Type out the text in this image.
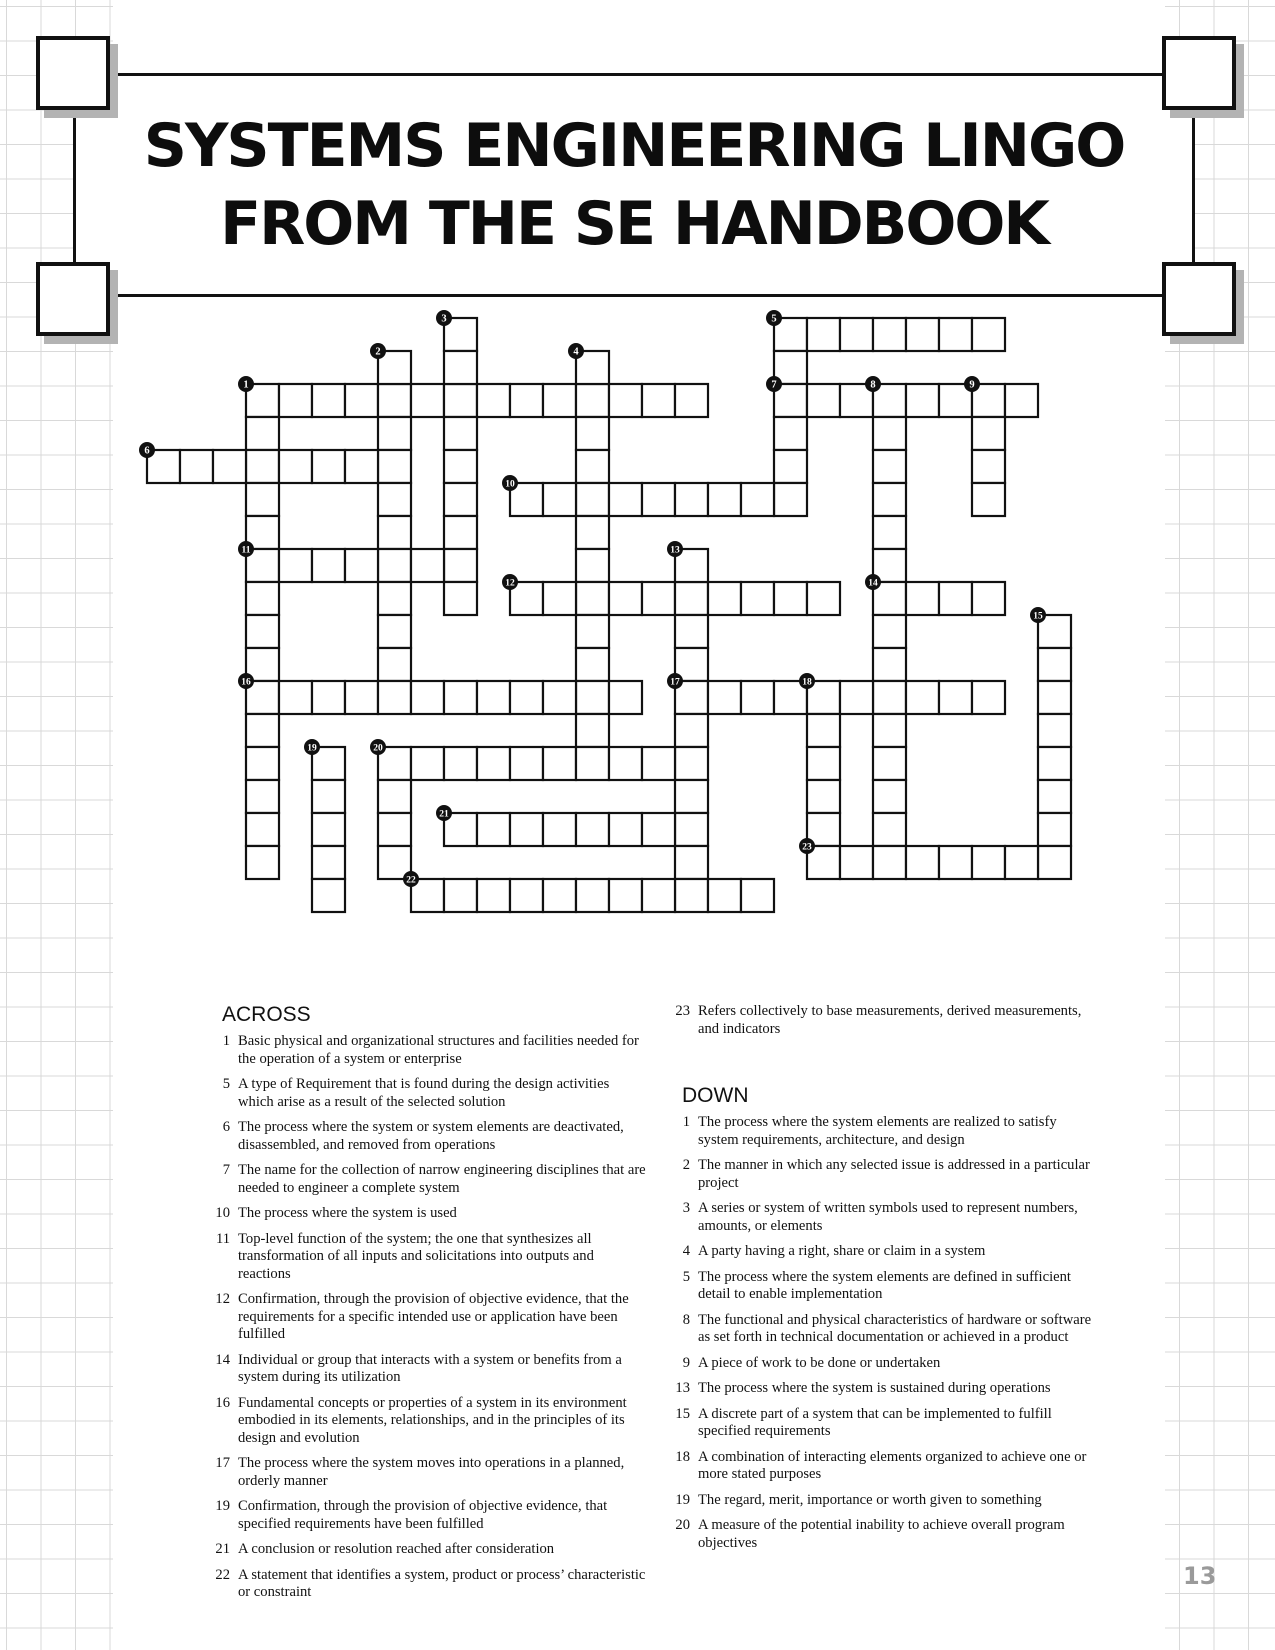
SYSTEMS ENGINEERING LINGO
FROM THE SE HANDBOOK
1
2
3
4
5
6
7	8	9
10
11
12
13
14
15
16	17	18
19	20
21
22
23
ACROSS
1 Basic physical and organizational structures and facilities needed for the operation of a system or enterprise
5 A type of Requirement that is found during the design activities which arise as a result of the selected solution
6 The process where the system or system elements are deactivated, disassembled, and removed from operations
7 The name for the collection of narrow engineering disciplines that are needed to engineer a complete system
10 The process where the system is used
11 Top-level function of the system; the one that synthesizes all transformation of all inputs and solicitations into outputs and reactions
12 Confirmation, through the provision of objective evidence, that the requirements for a specific intended use or application have been fulfilled
14 Individual or group that interacts with a system or benefits from a system during its utilization
16 Fundamental concepts or properties of a system in its environment embodied in its elements, relationships, and in the principles of its design and evolution
17 The process where the system moves into operations in a planned, orderly manner
19 Confirmation, through the provision of objective evidence, that specified requirements have been fulfilled
21 A conclusion or resolution reached after consideration
22 A statement that identifies a system, product or process’ characteristic or constraint
23 Refers collectively to base measurements, derived measurements, and indicators
DOWN
1 The process where the system elements are realized to satisfy system requirements, architecture, and design
2 The manner in which any selected issue is addressed in a particular project
3 A series or system of written symbols used to represent numbers, amounts, or elements
4 A party having a right, share or claim in a system
5 The process where the system elements are defined in sufficient detail to enable implementation
8 The functional and physical characteristics of hardware or software as set forth in technical documentation or achieved in a product
9 A piece of work to be done or undertaken
13 The process where the system is sustained during operations
15 A discrete part of a system that can be implemented to fulfill specified requirements
18 A combination of interacting elements organized to achieve one or more stated purposes
19 The regard, merit, importance or worth given to something
20 A measure of the potential inability to achieve overall program objectives
13
